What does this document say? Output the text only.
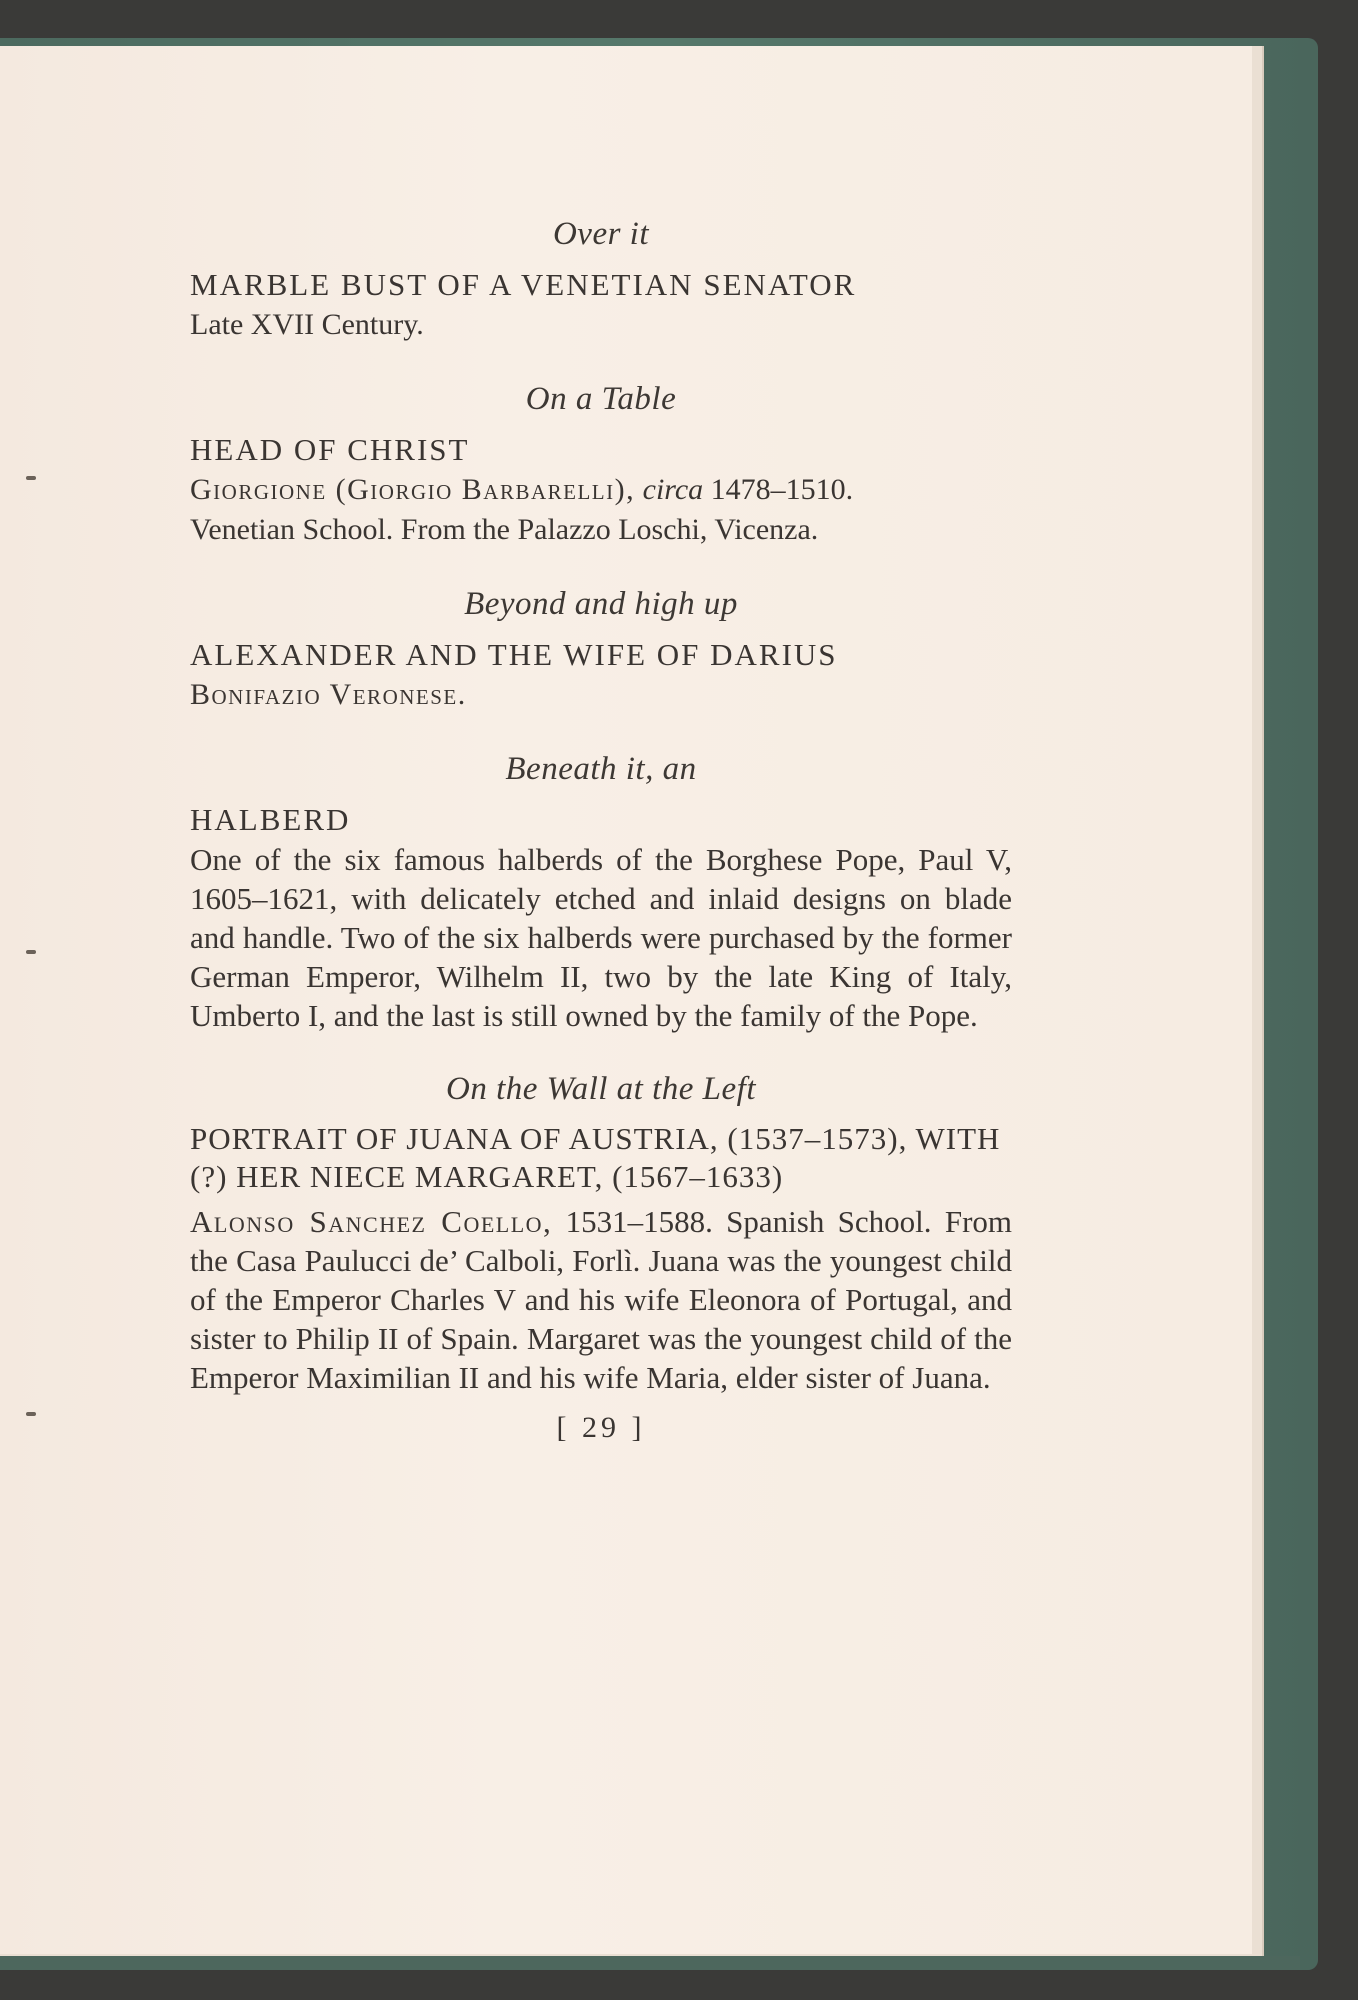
Over it
MARBLE BUST OF A VENETIAN SENATOR
Late XVII Century.
On a Table
HEAD OF CHRIST
Giorgione (Giorgio Barbarelli), circa 1478–1510.
Venetian School. From the Palazzo Loschi, Vicenza.
Beyond and high up
ALEXANDER AND THE WIFE OF DARIUS
Bonifazio Veronese.
Beneath it, an
HALBERD
One of the six famous halberds of the Borghese Pope, Paul V, 1605–1621, with delicately etched and inlaid designs on blade and handle. Two of the six halberds were purchased by the former German Emperor, Wilhelm II, two by the late King of Italy, Umberto I, and the last is still owned by the family of the Pope.
On the Wall at the Left
PORTRAIT OF JUANA OF AUSTRIA, (1537–1573), WITH (?) HER NIECE MARGARET, (1567–1633)
Alonso Sanchez Coello, 1531–1588. Spanish School. From the Casa Paulucci de’ Calboli, Forlì. Juana was the youngest child of the Emperor Charles V and his wife Eleonora of Portugal, and sister to Philip II of Spain. Margaret was the youngest child of the Emperor Maximilian II and his wife Maria, elder sister of Juana.
[ 29 ]
